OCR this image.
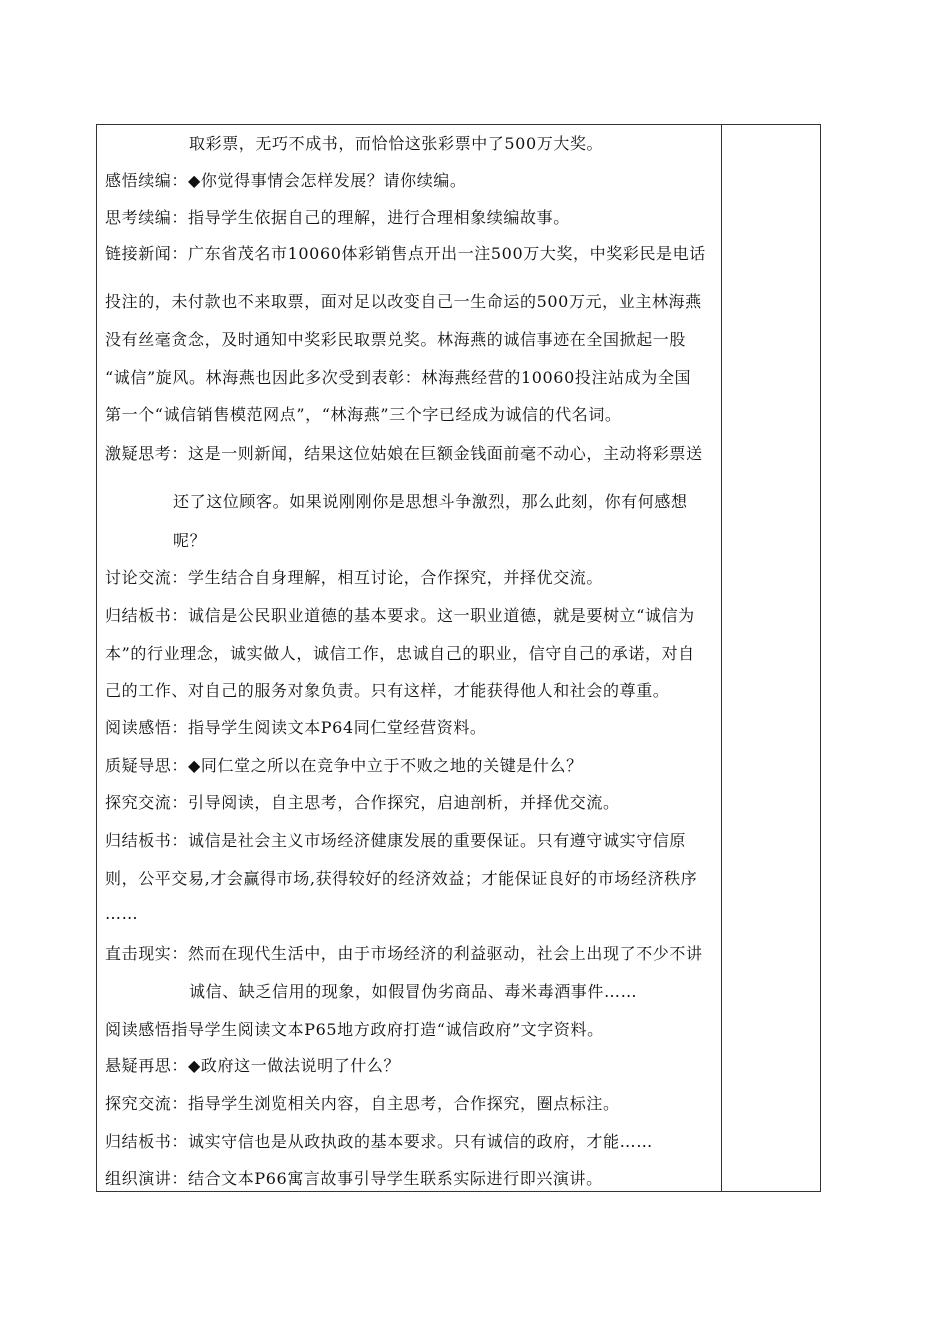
取彩票，无巧不成书，而恰恰这张彩票中了500万大奖。
感悟续编：◆你觉得事情会怎样发展？请你续编。
思考续编：指导学生依据自己的理解，进行合理相象续编故事。
链接新闻：广东省茂名市10060体彩销售点开出一注500万大奖，中奖彩民是电话
投注的，未付款也不来取票，面对足以改变自己一生命运的500万元，业主林海燕
没有丝毫贪念，及时通知中奖彩民取票兑奖。林海燕的诚信事迹在全国掀起一股
“诚信”旋风。林海燕也因此多次受到表彰：林海燕经营的10060投注站成为全国
第一个“诚信销售模范网点”，“林海燕”三个字已经成为诚信的代名词。
激疑思考：这是一则新闻，结果这位姑娘在巨额金钱面前毫不动心，主动将彩票送
还了这位顾客。如果说刚刚你是思想斗争激烈，那么此刻，你有何感想
呢？
讨论交流：学生结合自身理解，相互讨论，合作探究，并择优交流。
归结板书：诚信是公民职业道德的基本要求。这一职业道德，就是要树立“诚信为
本”的行业理念，诚实做人，诚信工作，忠诚自己的职业，信守自己的承诺，对自
己的工作、对自己的服务对象负责。只有这样，才能获得他人和社会的尊重。
阅读感悟：指导学生阅读文本P64同仁堂经营资料。
质疑导思：◆同仁堂之所以在竞争中立于不败之地的关键是什么？
探究交流：引导阅读，自主思考，合作探究，启迪剖析，并择优交流。
归结板书：诚信是社会主义市场经济健康发展的重要保证。只有遵守诚实守信原
则，公平交易,才会赢得市场,获得较好的经济效益；才能保证良好的市场经济秩序
……
直击现实：然而在现代生活中，由于市场经济的利益驱动，社会上出现了不少不讲
诚信、缺乏信用的现象，如假冒伪劣商品、毒米毒酒事件……
阅读感悟指导学生阅读文本P65地方政府打造“诚信政府”文字资料。
悬疑再思：◆政府这一做法说明了什么？
探究交流：指导学生浏览相关内容，自主思考，合作探究，圈点标注。
归结板书：诚实守信也是从政执政的基本要求。只有诚信的政府，才能……
组织演讲：结合文本P66寓言故事引导学生联系实际进行即兴演讲。
